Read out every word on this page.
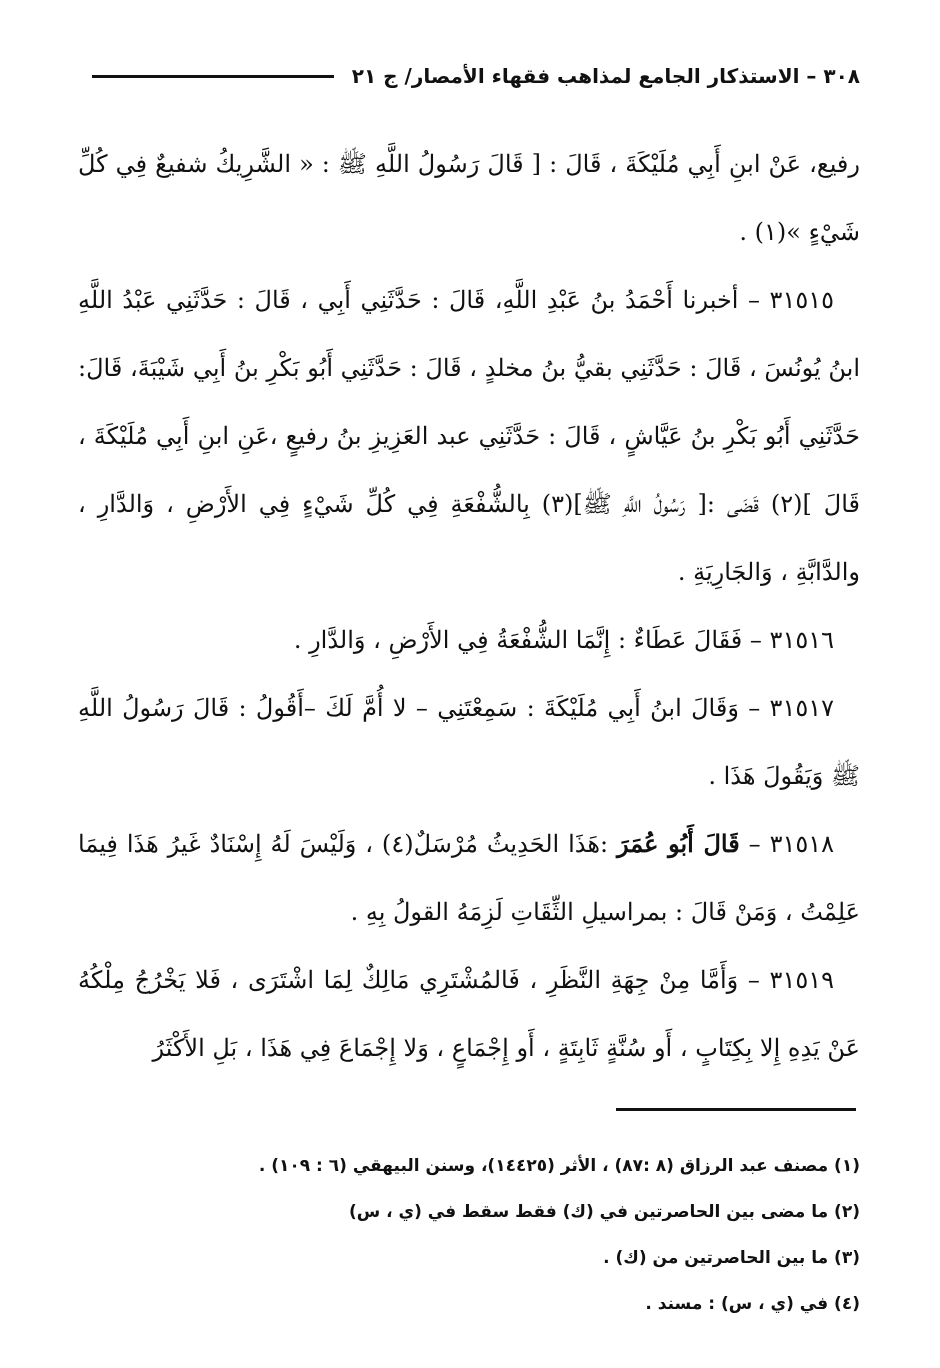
٣٠٨ – الاستذكار الجامع لمذاهب فقهاء الأمصار/ ج ٢١

رفيع، عَنْ ابنِ أَبِي مُلَيْكَةَ ، قَالَ : [ قَالَ رَسُولُ اللَّهِ ﷺ : « الشَّرِيكُ شفيعٌ فِي كُلِّ شَيْءٍ »(١) .

٣١٥١٥ – أخبرنا أَحْمَدُ بنُ عَبْدِ اللَّهِ، قَالَ : حَدَّثَنِي أَبِي ، قَالَ : حَدَّثَنِي عَبْدُ اللَّهِ ابنُ يُونُسَ ، قَالَ : حَدَّثَنِي بقيُّ بنُ مخلدٍ ، قَالَ : حَدَّثَنِي أَبُو بَكْرِ بنُ أَبِي شَيْبَةَ، قَالَ: حَدَّثَنِي أَبُو بَكْرِ بنُ عَيَّاشٍ ، قَالَ : حَدَّثَنِي عبد العَزِيزِ بنُ رفيعٍ ،عَنِ ابنِ أَبِي مُلَيْكَةَ ، قَالَ ](٢) قَضَى :[ رَسُولُ اللَّهِ ﷺ](٣) بِالشُّفْعَةِ فِي كُلِّ شَيْءٍ فِي الأَرْضِ ، وَالدَّارِ ، والدَّابَّةِ ، وَالجَارِيَةِ .

٣١٥١٦ – فَقَالَ عَطَاءٌ : إِنَّمَا الشُّفْعَةُ فِي الأَرْضِ ، وَالدَّارِ .

٣١٥١٧ – وَقَالَ ابنُ أَبِي مُلَيْكَةَ : سَمِعْتَنِي – لا أُمَّ لَكَ –أَقُولُ : قَالَ رَسُولُ اللَّهِ ﷺ وَيَقُولَ هَذَا .

٣١٥١٨ – قَالَ أَبُو عُمَرَ :هَذَا الحَدِيثُ مُرْسَلٌ(٤) ، وَلَيْسَ لَهُ إِسْنَادٌ غَيرُ هَذَا فِيمَا عَلِمْتُ ، وَمَنْ قَالَ : بمراسيلِ الثِّقَاتِ لَزِمَهُ القولُ بِهِ .

٣١٥١٩ – وَأَمَّا مِنْ جِهَةِ النَّظَرِ ، فَالمُشْتَرِي مَالِكٌ لِمَا اشْتَرَى ، فَلا يَخْرُجُ مِلْكُهُ عَنْ يَدِهِ إِلا بِكِتَابٍ ، أَو سُنَّةٍ ثَابِتَةٍ ، أَو إِجْمَاعٍ ، وَلا إِجْمَاعَ فِي هَذَا ، بَلِ الأَكْثَرُ

(١) مصنف عبد الرزاق (٨ :٨٧) ، الأثر (١٤٤٢٥)، وسنن البيهقي (٦ : ١٠٩) .
(٢) ما مضى بين الحاصرتين في (ك) فقط سقط في (ي ، س)
(٣) ما بين الحاصرتين من (ك) .
(٤) في (ي ، س) : مسند .
